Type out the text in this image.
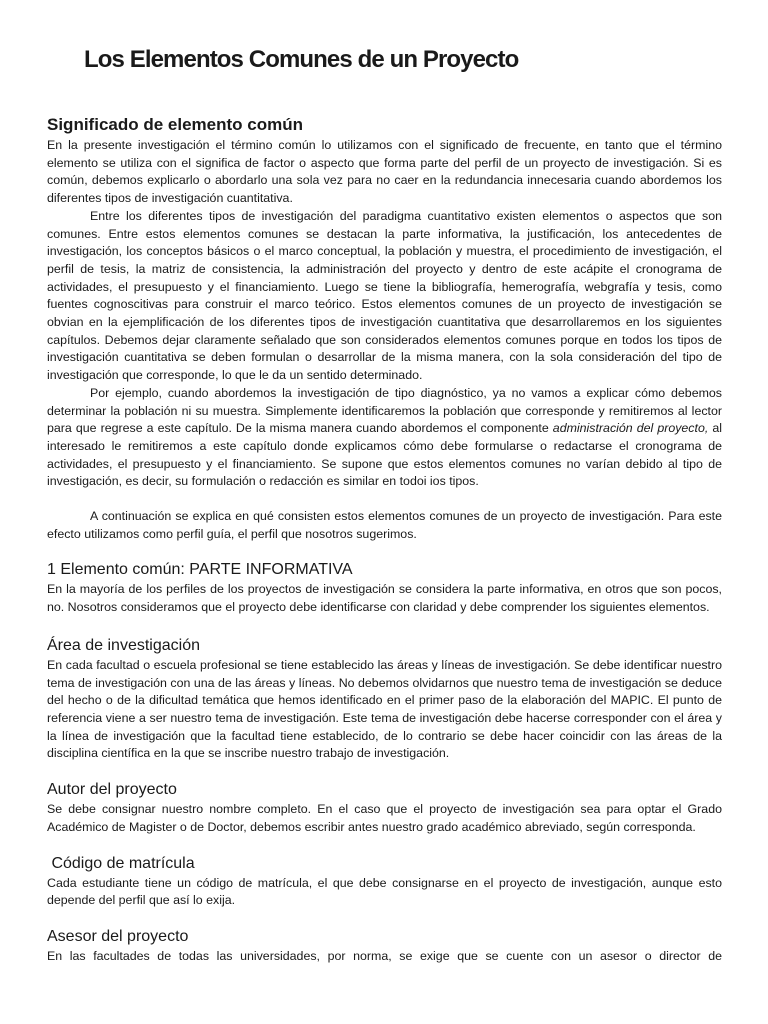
Los Elementos Comunes de un Proyecto
Significado de elemento común

En la presente investigación el término común lo utilizamos con el significado de frecuente, en tanto que el término elemento se utiliza con el significa de factor o aspecto que forma parte del perfil de un proyecto de investigación. Si es común, debemos explicarlo o abordarlo una sola vez para no caer en la redundancia innecesaria cuando abordemos los diferentes tipos de investigación cuantitativa.

Entre los diferentes tipos de investigación del paradigma cuantitativo existen elementos o aspectos que son comunes. Entre estos elementos comunes se destacan la parte informativa, la justificación, los antecedentes de investigación, los conceptos básicos o el marco conceptual, la población y muestra, el procedimiento de investigación, el perfil de tesis, la matriz de consistencia, la administración del proyecto y dentro de este acápite el cronograma de actividades, el presupuesto y el financiamiento. Luego se tiene la bibliografía, hemerografía, webgrafía y tesis, como fuentes cognoscitivas para construir el marco teórico. Estos elementos comunes de un proyecto de investigación se obvian en la ejemplificación de los diferentes tipos de investigación cuantitativa que desarrollaremos en los siguientes capítulos. Debemos dejar claramente señalado que son considerados elementos comunes porque en todos los tipos de investigación cuantitativa se deben formulan o desarrollar de la misma manera, con la sola consideración del tipo de investigación que corresponde, lo que le da un sentido determinado.

Por ejemplo, cuando abordemos la investigación de tipo diagnóstico, ya no vamos a explicar cómo debemos determinar la población ni su muestra. Simplemente identificaremos la población que corresponde y remitiremos al lector para que regrese a este capítulo. De la misma manera cuando abordemos el componente administración del proyecto, al interesado le remitiremos a este capítulo donde explicamos cómo debe formularse o redactarse el cronograma de actividades, el presupuesto y el financiamiento. Se supone que estos elementos comunes no varían debido al tipo de investigación, es decir, su formulación o redacción es similar en todoi ios tipos.

A continuación se explica en qué consisten estos elementos comunes de un proyecto de investigación. Para este efecto utilizamos como perfil guía, el perfil que nosotros sugerimos.

1 Elemento común: PARTE INFORMATIVA

En la mayoría de los perfiles de los proyectos de investigación se considera la parte informativa, en otros que son pocos, no. Nosotros consideramos que el proyecto debe identificarse con claridad y debe comprender los siguientes elementos.

Área de investigación

En cada facultad o escuela profesional se tiene establecido las áreas y líneas de investigación. Se debe identificar nuestro tema de investigación con una de las áreas y líneas. No debemos olvidarnos que nuestro tema de investigación se deduce del hecho o de la dificultad temática que hemos identificado en el primer paso de la elaboración del MAPIC. El punto de referencia viene a ser nuestro tema de investigación. Este tema de investigación debe hacerse corresponder con el área y la línea de investigación que la facultad tiene establecido, de lo contrario se debe hacer coincidir con las áreas de la disciplina científica en la que se inscribe nuestro trabajo de investigación.

Autor del proyecto

Se debe consignar nuestro nombre completo. En el caso que el proyecto de investigación sea para optar el Grado Académico de Magister o de Doctor, debemos escribir antes nuestro grado académico abreviado, según corresponda.

Código de matrícula

Cada estudiante tiene un código de matrícula, el que debe consignarse en el proyecto de investigación, aunque esto depende del perfil que así lo exija.

Asesor del proyecto

En las facultades de todas las universidades, por norma, se exige que se cuente con un asesor o director de
